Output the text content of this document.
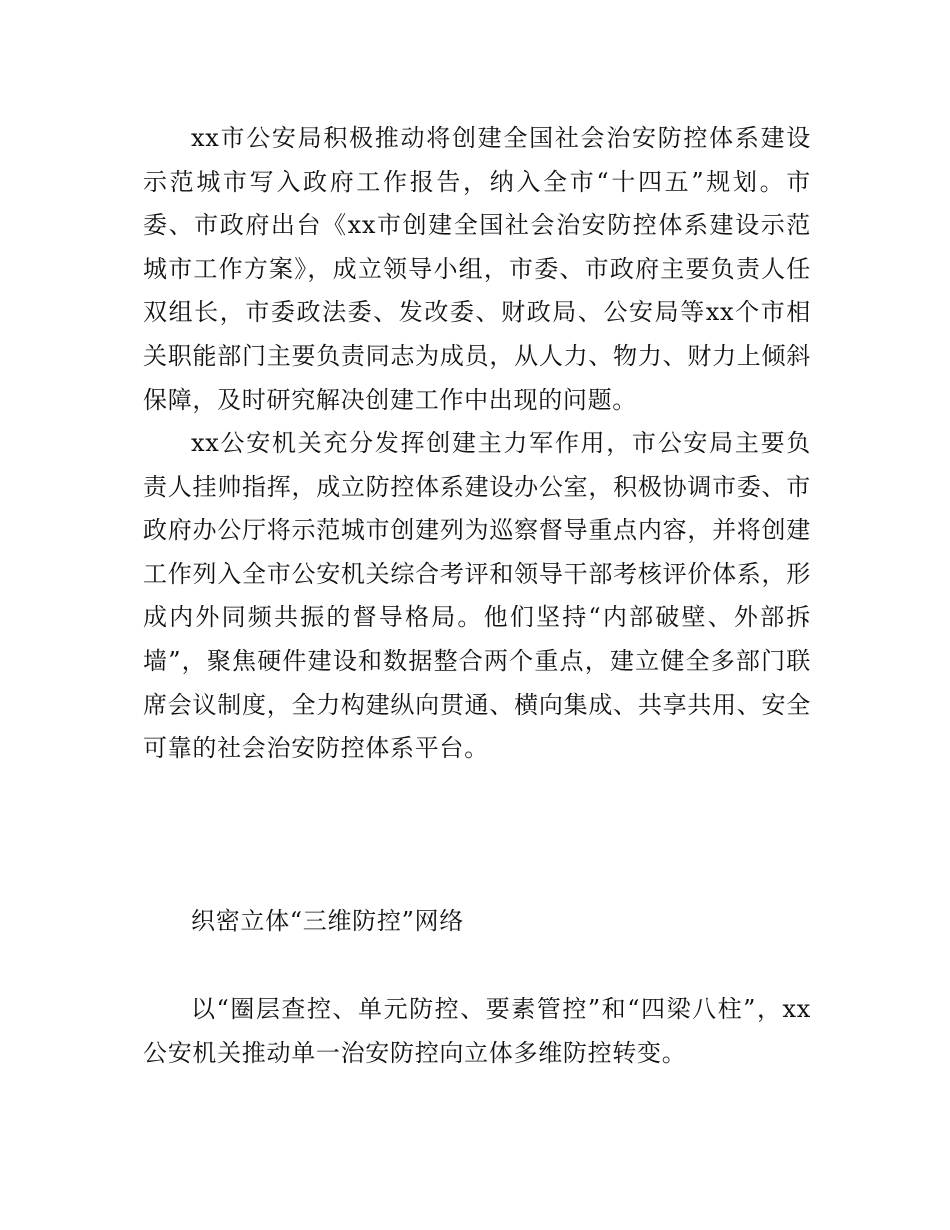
xx市公安局积极推动将创建全国社会治安防控体系建设示范城市写入政府工作报告，纳入全市“十四五”规划。市委、市政府出台《xx市创建全国社会治安防控体系建设示范城市工作方案》，成立领导小组，市委、市政府主要负责人任双组长，市委政法委、发改委、财政局、公安局等xx个市相关职能部门主要负责同志为成员，从人力、物力、财力上倾斜保障，及时研究解决创建工作中出现的问题。

xx公安机关充分发挥创建主力军作用，市公安局主要负责人挂帅指挥，成立防控体系建设办公室，积极协调市委、市政府办公厅将示范城市创建列为巡察督导重点内容，并将创建工作列入全市公安机关综合考评和领导干部考核评价体系，形成内外同频共振的督导格局。他们坚持“内部破壁、外部拆墙”，聚焦硬件建设和数据整合两个重点，建立健全多部门联席会议制度，全力构建纵向贯通、横向集成、共享共用、安全可靠的社会治安防控体系平台。

织密立体“三维防控”网络

以“圈层查控、单元防控、要素管控”和“四梁八柱”，xx公安机关推动单一治安防控向立体多维防控转变。
